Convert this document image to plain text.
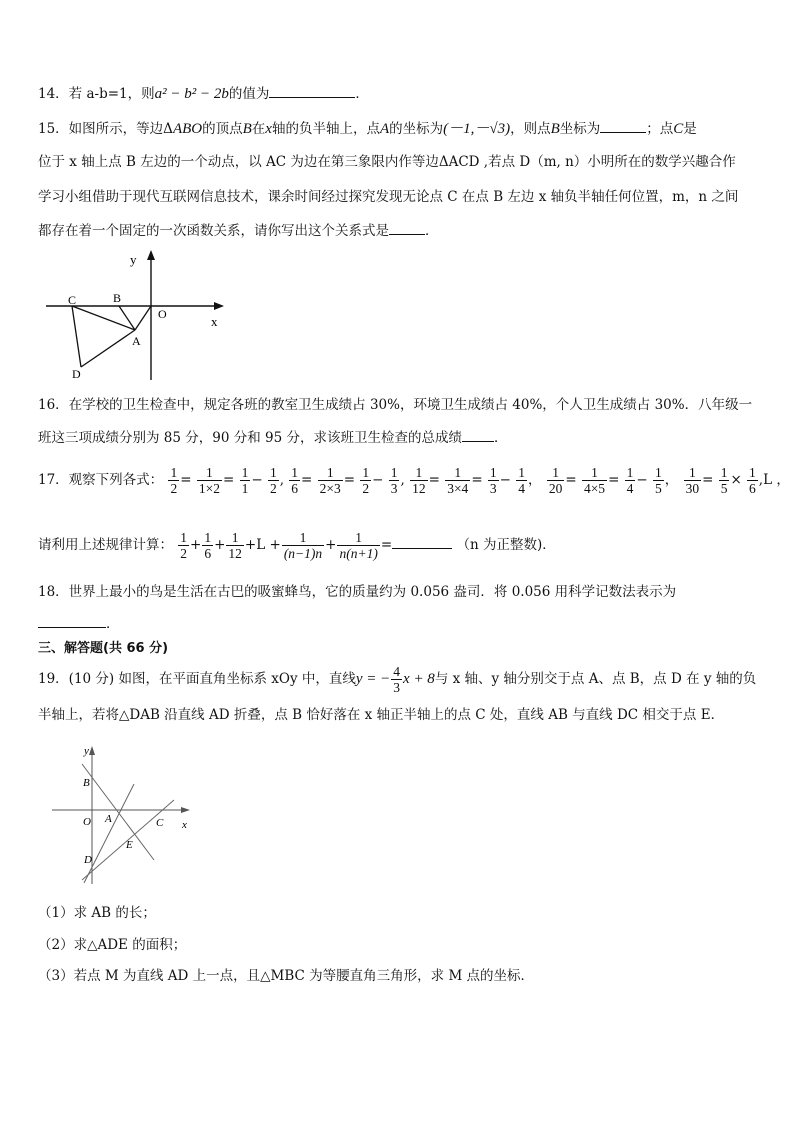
14．若 a-b=1，则a² − b² − 2b的值为	．
15．如图所示，等边ΔABO的顶点B在x轴的负半轴上，点A的坐标为(－1,－√3)，则点B坐标为	；点C是
位于 x 轴上点 B 左边的一个动点，以 AC 为边在第三象限内作等边ΔACD ,若点 D（m, n）小明所在的数学兴趣合作
学习小组借助于现代互联网信息技术，课余时间经过探究发现无论点 C 在点 B 左边 x 轴负半轴任何位置，m，n 之间
都存在着一个固定的一次函数关系，请你写出这个关系式是	．
y
x
O
A
B
C
D
16．在学校的卫生检查中，规定各班的教室卫生成绩占 30%，环境卫生成绩占 40%，个人卫生成绩占 30%．八年级一
班这三项成绩分别为 85 分，90 分和 95 分，求该班卫生检查的总成绩 ．
17．观察下列各式： $\frac{1}{2} = \frac{1}{1\times 2} = \frac{1}{1} - \frac{1}{2}$ , $\frac{1}{6} = \frac{1}{2\times 3} = \frac{1}{2} - \frac{1}{3}$ , $\frac{1}{12} = \frac{1}{3\times 4} = \frac{1}{3} - \frac{1}{4}$ ， $\frac{1}{20} = \frac{1}{4\times 5} = \frac{1}{4} - \frac{1}{5}$ ， $\frac{1}{30} = \frac{1}{5} \times \frac{1}{6} ,L$ ，
请利用上述规律计算： $\frac{1}{2} + \frac{1}{6} + \frac{1}{12} +L + \frac{1}{(n-1)n} + \frac{1}{n(n+1)}$ =	（n 为正整数)．
18．世界上最小的鸟是生活在古巴的吸蜜蜂鸟，它的质量约为 0.056 盎司．将 0.056 用科学记数法表示为
．
三、解答题(共 66 分)
19．(10 分) 如图，在平面直角坐标系 xOy 中，直线y = − $\frac{4}{3}$ x + 8与 x 轴、y 轴分别交于点 A、点 B，点 D 在 y 轴的负
半轴上，若将△DAB 沿直线 AD 折叠，点 B 恰好落在 x 轴正半轴上的点 C 处，直线 AB 与直线 DC 相交于点 E．
y
x
O A
B
C
D
E
（1）求 AB 的长；
（2）求△ADE 的面积；
（3）若点 M 为直线 AD 上一点，且△MBC 为等腰直角三角形，求 M 点的坐标．
